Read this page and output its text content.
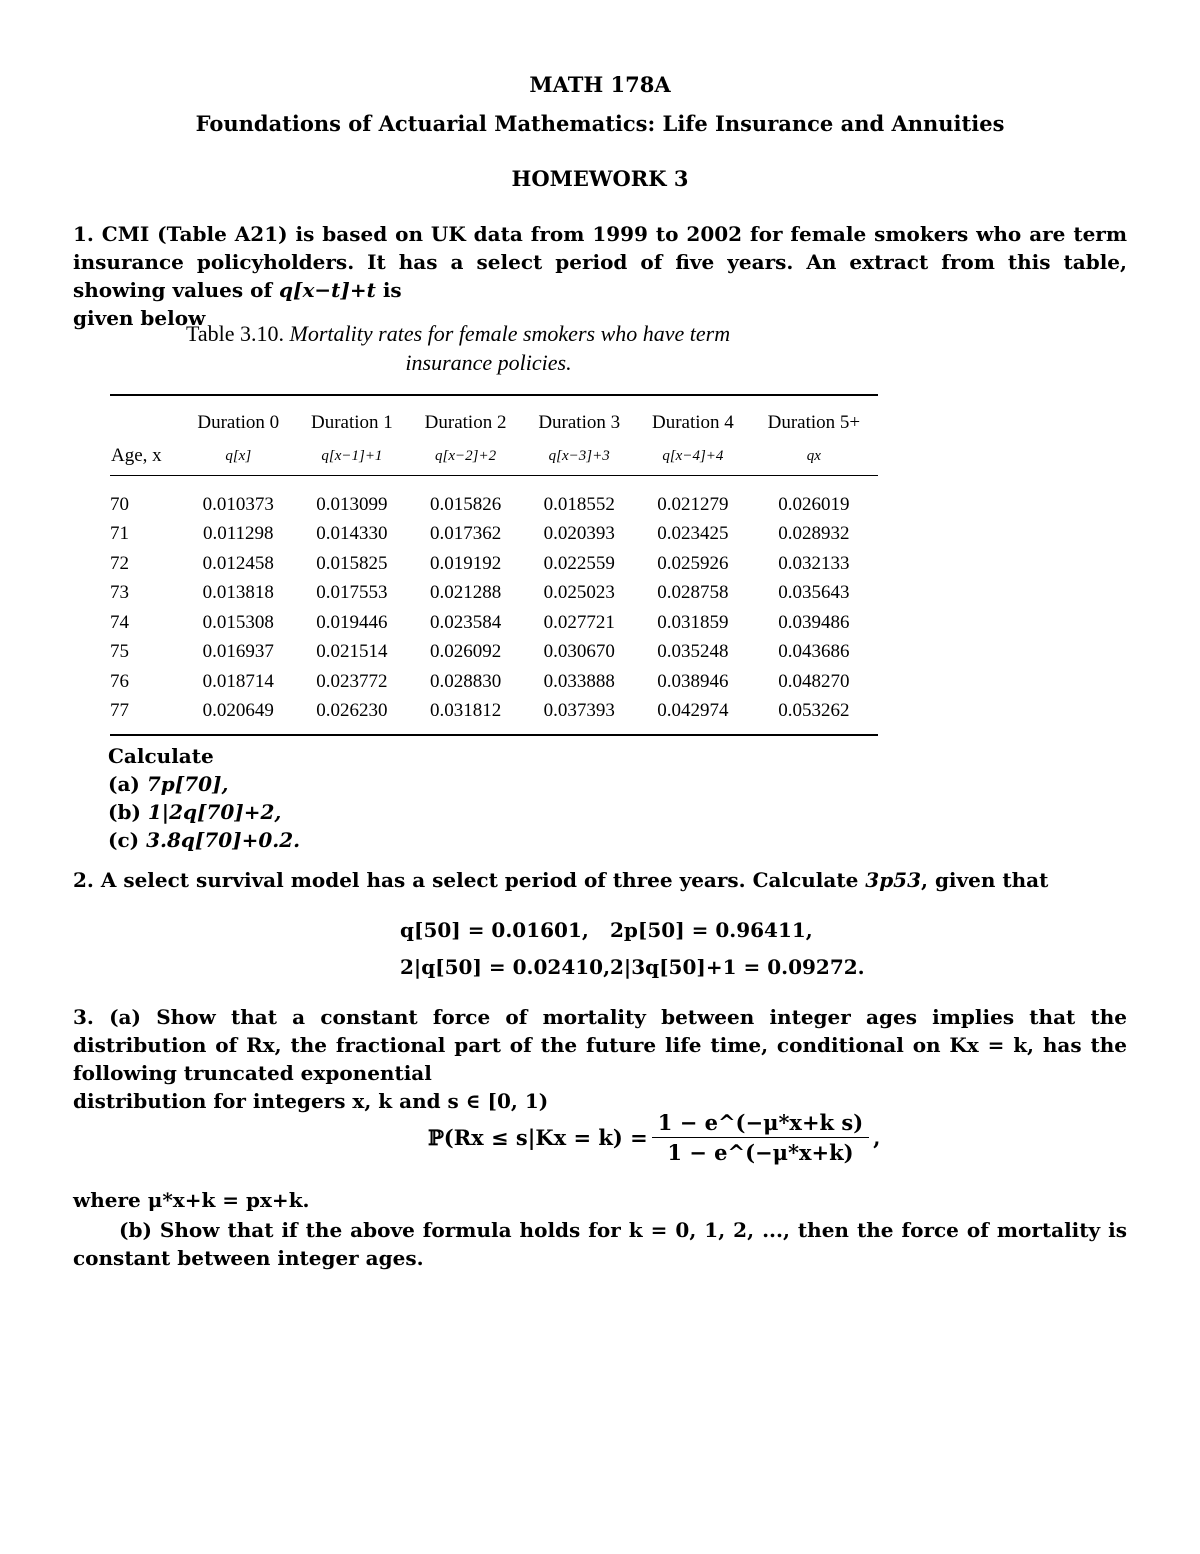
MATH 178A
Foundations of Actuarial Mathematics: Life Insurance and Annuities
HOMEWORK 3
1. CMI (Table A21) is based on UK data from 1999 to 2002 for female smokers who are term insurance policyholders. It has a select period of five years. An extract from this table, showing values of q[x−t]+t is
given below
Table 3.10. Mortality rates for female smokers who have term
insurance policies.
	Duration 0	Duration 1	Duration 2	Duration 3	Duration 4	Duration 5+
Age, x	q[x]	q[x−1]+1	q[x−2]+2	q[x−3]+3	q[x−4]+4	qx
70	0.010373	0.013099	0.015826	0.018552	0.021279	0.026019
71	0.011298	0.014330	0.017362	0.020393	0.023425	0.028932
72	0.012458	0.015825	0.019192	0.022559	0.025926	0.032133
73	0.013818	0.017553	0.021288	0.025023	0.028758	0.035643
74	0.015308	0.019446	0.023584	0.027721	0.031859	0.039486
75	0.016937	0.021514	0.026092	0.030670	0.035248	0.043686
76	0.018714	0.023772	0.028830	0.033888	0.038946	0.048270
77	0.020649	0.026230	0.031812	0.037393	0.042974	0.053262
Calculate
(a) 7p[70],
(b) 1|2q[70]+2,
(c) 3.8q[70]+0.2.
2. A select survival model has a select period of three years. Calculate 3p53, given that
q[50] = 0.01601, 2p[50] = 0.96411,
2|q[50] = 0.02410, 2|3q[50]+1 = 0.09272.
3. (a) Show that a constant force of mortality between integer ages implies that the distribution of Rx, the fractional part of the future life time, conditional on Kx = k, has the following truncated exponential
distribution for integers x, k and s ∈ [0, 1)
ℙ(Rx ≤ $s|Kx = k) = \frac{\text{1 − e\textasciicircum{}(−μ*x+k s)}}{1 - e\^{}(-\mu*x+k)}$ ,
where μ*x+k = px+k.
(b) Show that if the above formula holds for k = 0, 1, 2, ..., then the force of mortality is constant between integer ages.
